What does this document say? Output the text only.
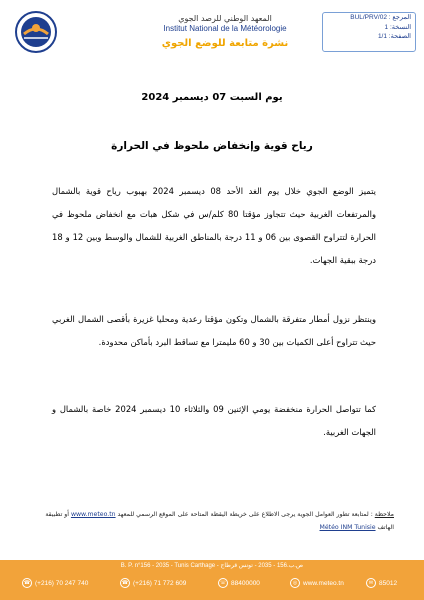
المعهد الوطني للرصد الجوي
Institut National de la Météorologie
نشرة متابعة للوضع الجوي
المرجع : BUL/PRV/02
النسخة: 1
الصفحة: 1/1
يوم السبت 07 ديسمبر 2024
رياح قوية وإنخفاض ملحوظ في الحرارة
يتميز الوضع الجوي خلال يوم الغد الأحد 08 ديسمبر 2024 بهبوب رياح قوية بالشمال والمرتفعات الغربية حيث تتجاوز مؤقتا 80 كلم/س في شكل هبات مع انخفاض ملحوظ في الحرارة لتتراوح القصوى بين 06 و 11 درجة بالمناطق الغربية للشمال والوسط وبين 12 و 18 درجة ببقية الجهات.
وينتظر نزول أمطار متفرقة بالشمال وتكون مؤقتا رعدية ومحليا غزيرة بأقصى الشمال الغربي حيث تتراوح أعلى الكميات بين 30 و 60 مليمترا مع تساقط البرد بأماكن محدودة.
كما تتواصل الحرارة منخفضة يومي الإثنين 09 والثلاثاء 10 ديسمبر 2024 خاصة بالشمال و الجهات الغربية.
ملاحظة : لمتابعة تطور العوامل الجوية يرجى الاطلاع على خريطة اليقظة المتاحة على الموقع الرسمي للمعهد www.meteo.tn أو تطبيقة الهاتف Météo INM Tunisie
B. P. n°156 - 2035 - Tunis Carthage - ص.ب.156 - 2035 - تونس قرطاج
☎ (+216) 70 247 740	☎ (+216) 71 772 609	☏ 88400000	◎ www.meteo.tn	✉ 85012
